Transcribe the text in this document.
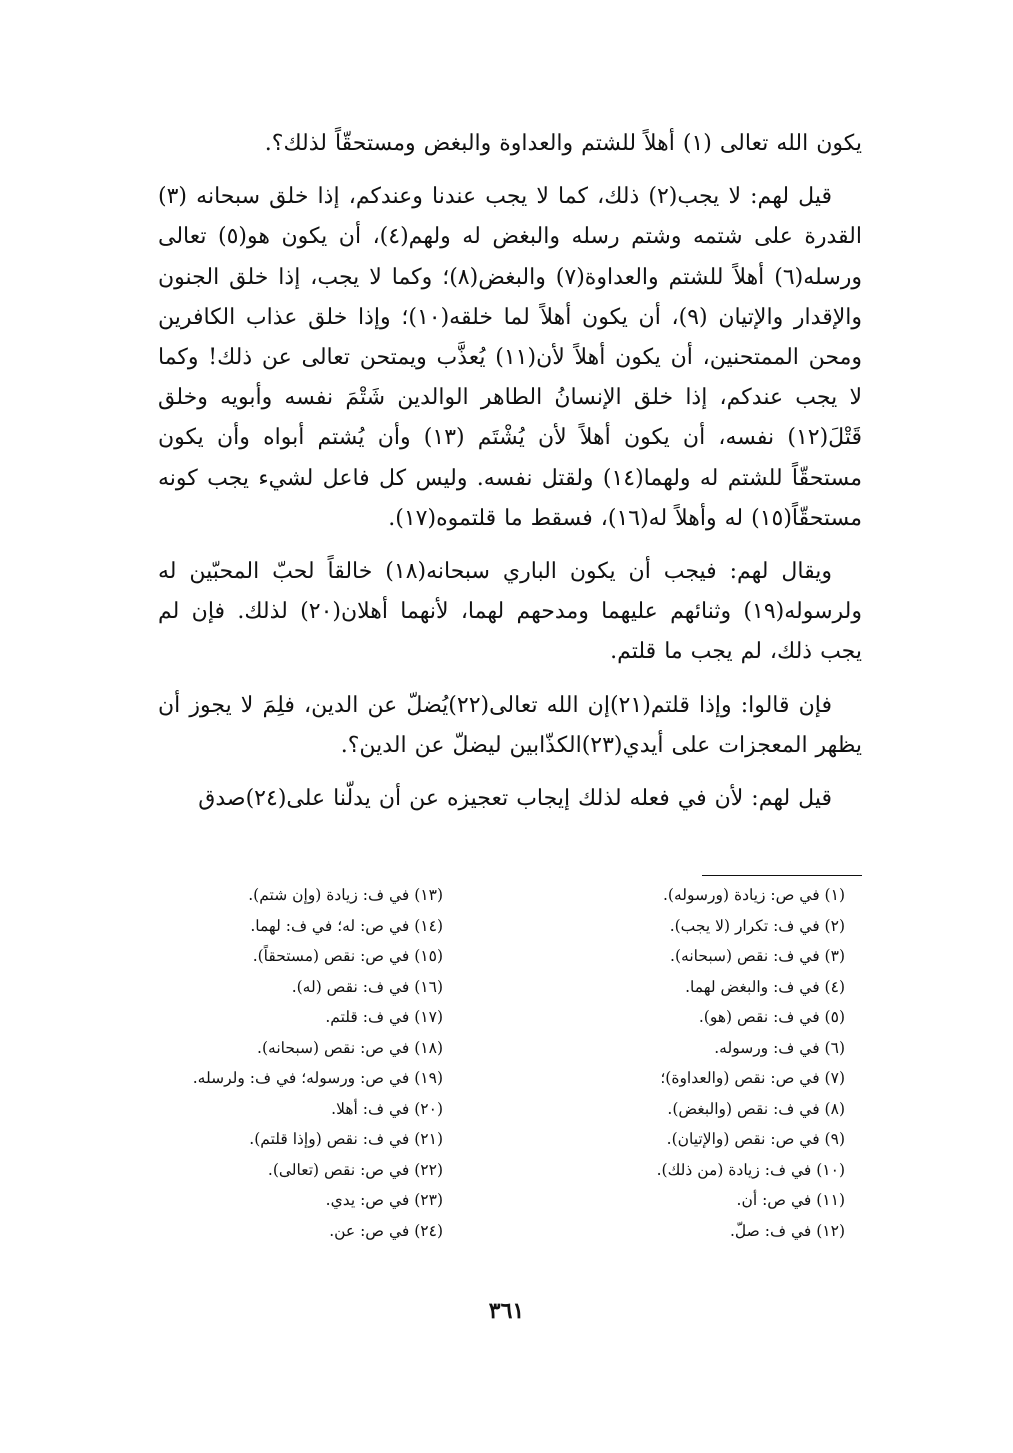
يكون الله تعالى (١) أهلاً للشتم والعداوة والبغض ومستحقّاً لذلك؟.

قيل لهم: لا يجب(٢) ذلك، كما لا يجب عندنا وعندكم، إذا خلق سبحانه (٣) القدرة على شتمه وشتم رسله والبغض له ولهم(٤)، أن يكون هو(٥) تعالى ورسله(٦) أهلاً للشتم والعداوة(٧) والبغض(٨)؛ وكما لا يجب، إذا خلق الجنون والإقدار والإتيان (٩)، أن يكون أهلاً لما خلقه(١٠)؛ وإذا خلق عذاب الكافرين ومحن الممتحنين، أن يكون أهلاً لأن(١١) يُعذَّب ويمتحن تعالى عن ذلك! وكما لا يجب عندكم، إذا خلق الإنسانُ الطاهر الوالدين شَتْمَ نفسه وأبويه وخلق قَتْلَ(١٢) نفسه، أن يكون أهلاً لأن يُشْتَم (١٣) وأن يُشتم أبواه وأن يكون مستحقّاً للشتم له ولهما(١٤) ولقتل نفسه. وليس كل فاعل لشيء يجب كونه مستحقّاً(١٥) له وأهلاً له(١٦)، فسقط ما قلتموه(١٧).

ويقال لهم: فيجب أن يكون الباري سبحانه(١٨) خالقاً لحبّ المحبّين له ولرسوله(١٩) وثنائهم عليهما ومدحهم لهما، لأنهما أهلان(٢٠) لذلك. فإن لم يجب ذلك، لم يجب ما قلتم.

فإن قالوا: وإذا قلتم(٢١)إن الله تعالى(٢٢)يُضلّ عن الدين، فلِمَ لا يجوز أن يظهر المعجزات على أيدي(٢٣)الكذّابين ليضلّ عن الدين؟.

قيل لهم: لأن في فعله لذلك إيجاب تعجيزه عن أن يدلّنا على(٢٤)صدق

(١) في ص: زيادة (ورسوله).
(٢) في ف: تكرار (لا يجب).
(٣) في ف: نقص (سبحانه).
(٤) في ف: والبغض لهما.
(٥) في ف: نقص (هو).
(٦) في ف: ورسوله.
(٧) في ص: نقص (والعداوة)؛
(٨) في ف: نقص (والبغض).
(٩) في ص: نقص (والإتيان).
(١٠) في ف: زيادة (من ذلك).
(١١) في ص: أن.
(١٢) في ف: صلّ.
(١٣) في ف: زيادة (وإن شتم).
(١٤) في ص: له؛ في ف: لهما.
(١٥) في ص: نقص (مستحقاً).
(١٦) في ف: نقص (له).
(١٧) في ف: قلتم.
(١٨) في ص: نقص (سبحانه).
(١٩) في ص: ورسوله؛ في ف: ولرسله.
(٢٠) في ف: أهلا.
(٢١) في ف: نقص (وإذا قلتم).
(٢٢) في ص: نقص (تعالى).
(٢٣) في ص: يدي.
(٢٤) في ص: عن.
٣٦١
